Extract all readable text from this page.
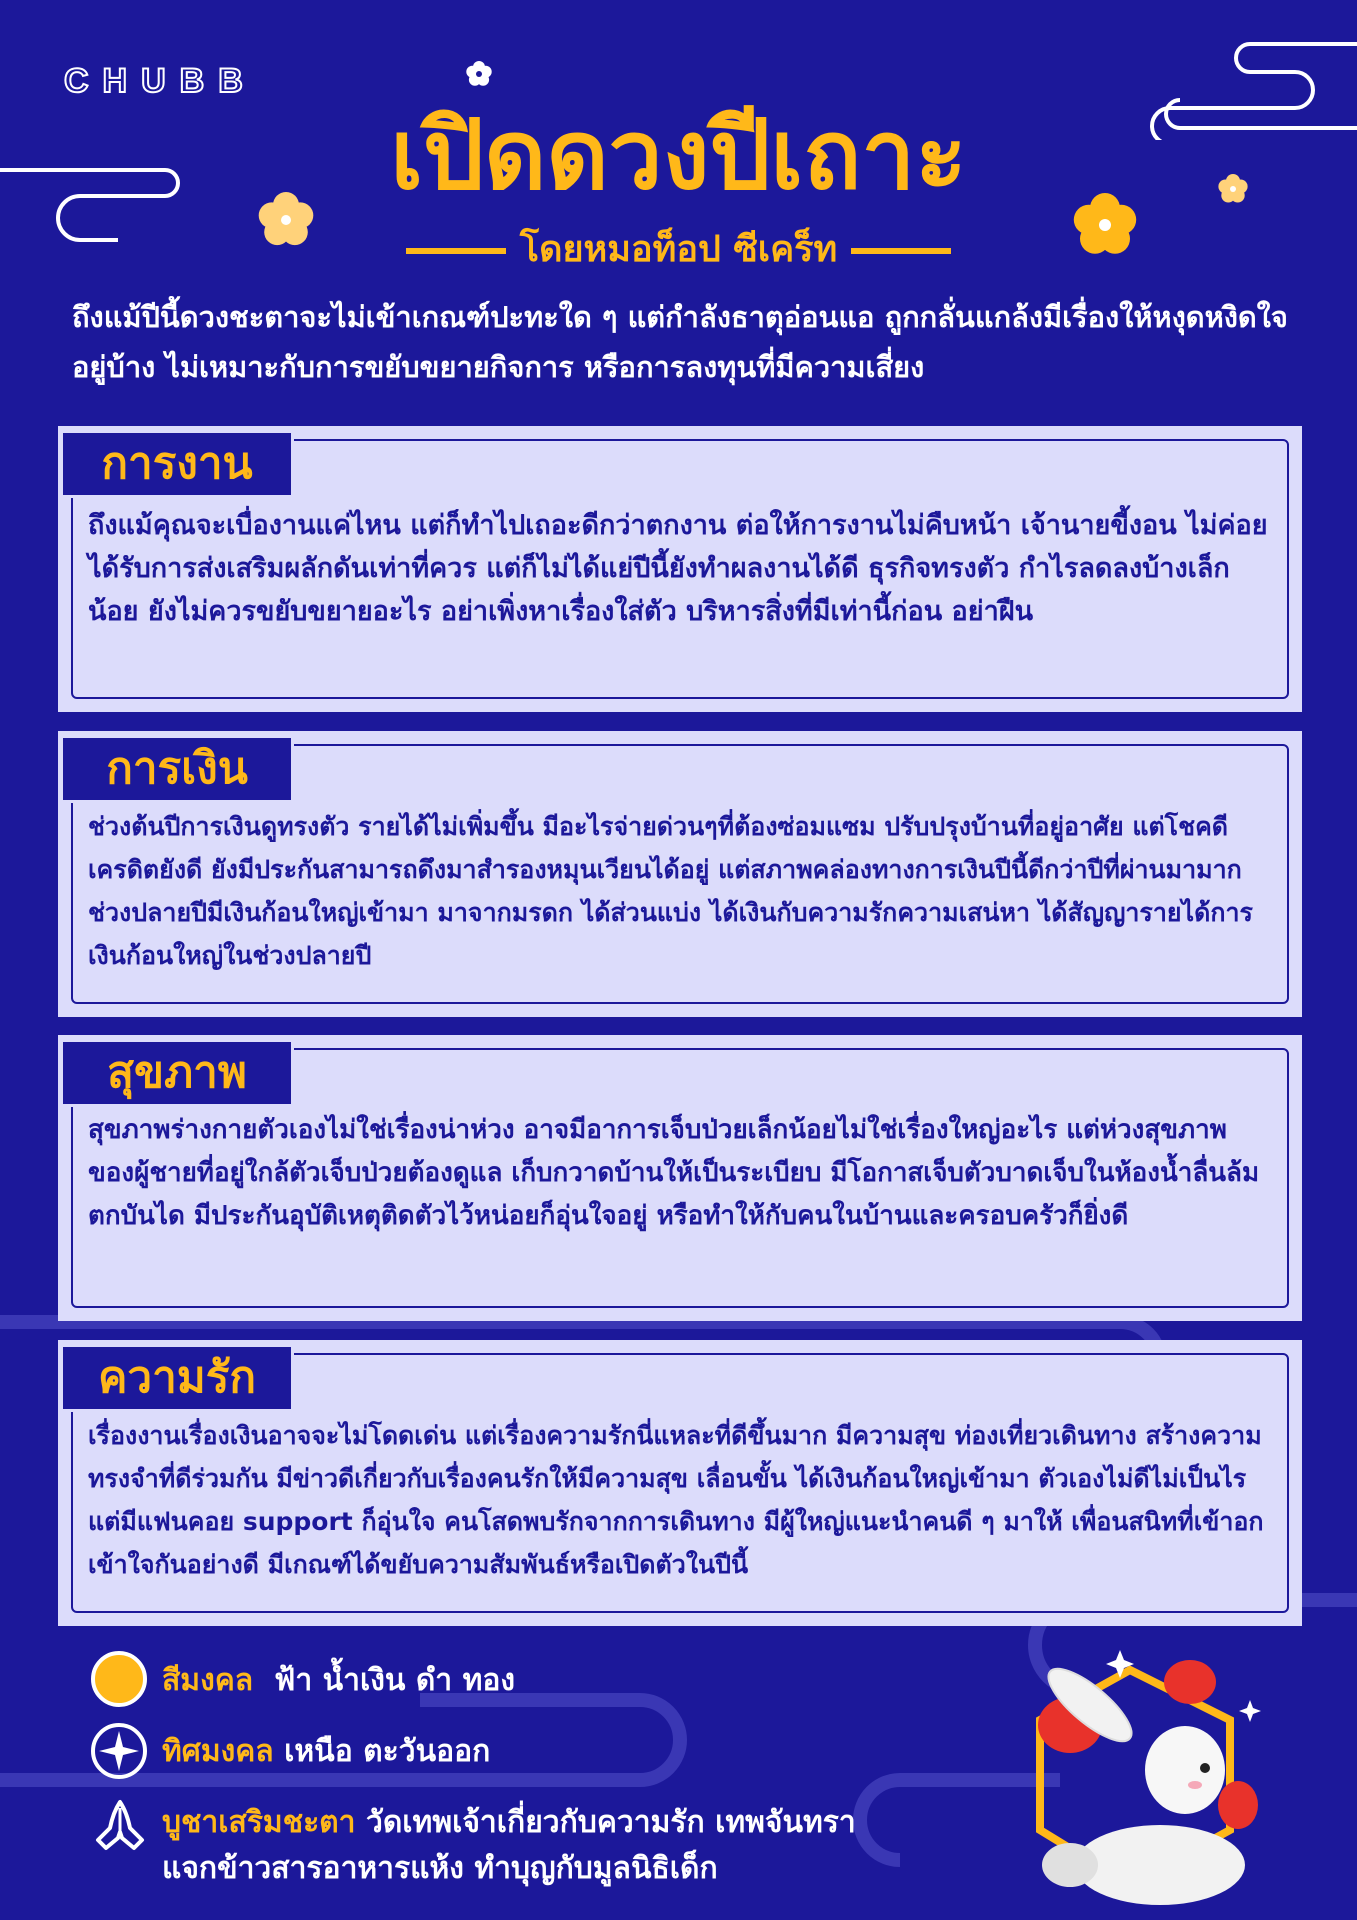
CHUBB
เปิดดวงปีเถาะ
โดยหมอท็อป ซีเคร็ท
ถึงแม้ปีนี้ดวงชะตาจะไม่เข้าเกณฑ์ปะทะใด ๆ แต่กำลังธาตุอ่อนแอ ถูกกลั่นแกล้งมีเรื่องให้หงุดหงิดใจอยู่บ้าง ไม่เหมาะกับการขยับขยายกิจการ หรือการลงทุนที่มีความเสี่ยง
การงาน
ถึงแม้คุณจะเบื่องานแค่ไหน แต่ก็ทำไปเถอะดีกว่าตกงาน ต่อให้การงานไม่คืบหน้า เจ้านายขี้งอน ไม่ค่อยได้รับการส่งเสริมผลักดันเท่าที่ควร แต่ก็ไม่ได้แย่ปีนี้ยังทำผลงานได้ดี ธุรกิจทรงตัว กำไรลดลงบ้างเล็กน้อย ยังไม่ควรขยับขยายอะไร อย่าเพิ่งหาเรื่องใส่ตัว บริหารสิ่งที่มีเท่านี้ก่อน อย่าฝืน
การเงิน
ช่วงต้นปีการเงินดูทรงตัว รายได้ไม่เพิ่มขึ้น มีอะไรจ่ายด่วนๆที่ต้องซ่อมแซม ปรับปรุงบ้านที่อยู่อาศัย แต่โชคดีเครดิตยังดี ยังมีประกันสามารถดึงมาสำรองหมุนเวียนได้อยู่ แต่สภาพคล่องทางการเงินปีนี้ดีกว่าปีที่ผ่านมามากช่วงปลายปีมีเงินก้อนใหญ่เข้ามา มาจากมรดก ได้ส่วนแบ่ง ได้เงินกับความรักความเสน่หา ได้สัญญารายได้การเงินก้อนใหญ่ในช่วงปลายปี
สุขภาพ
สุขภาพร่างกายตัวเองไม่ใช่เรื่องน่าห่วง อาจมีอาการเจ็บป่วยเล็กน้อยไม่ใช่เรื่องใหญ่อะไร แต่ห่วงสุขภาพของผู้ชายที่อยู่ใกล้ตัวเจ็บป่วยต้องดูแล เก็บกวาดบ้านให้เป็นระเบียบ มีโอกาสเจ็บตัวบาดเจ็บในห้องน้ำลื่นล้มตกบันได มีประกันอุบัติเหตุติดตัวไว้หน่อยก็อุ่นใจอยู่ หรือทำให้กับคนในบ้านและครอบครัวก็ยิ่งดี
ความรัก
เรื่องงานเรื่องเงินอาจจะไม่โดดเด่น แต่เรื่องความรักนี่แหละที่ดีขึ้นมาก มีความสุข ท่องเที่ยวเดินทาง สร้างความทรงจำที่ดีร่วมกัน มีข่าวดีเกี่ยวกับเรื่องคนรักให้มีความสุข เลื่อนขั้น ได้เงินก้อนใหญ่เข้ามา ตัวเองไม่ดีไม่เป็นไรแต่มีแฟนคอย support ก็อุ่นใจ คนโสดพบรักจากการเดินทาง มีผู้ใหญ่แนะนำคนดี ๆ มาให้ เพื่อนสนิทที่เข้าอกเข้าใจกันอย่างดี มีเกณฑ์ได้ขยับความสัมพันธ์หรือเปิดตัวในปีนี้
สีมงคล ฟ้า น้ำเงิน ดำ ทอง
ทิศมงคล เหนือ ตะวันออก
บูชาเสริมชะตา วัดเทพเจ้าเกี่ยวกับความรัก เทพจันทรา
แจกข้าวสารอาหารแห้ง ทำบุญกับมูลนิธิเด็ก
